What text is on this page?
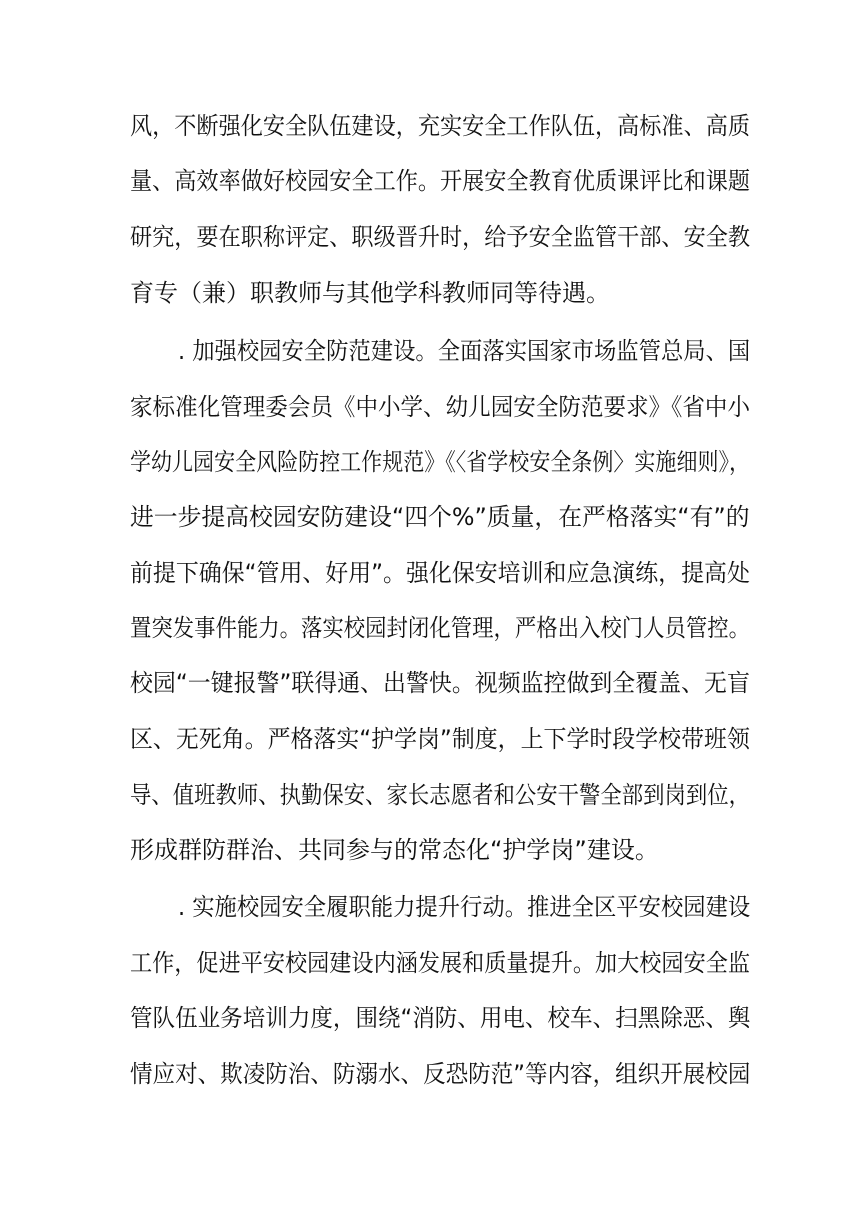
风，不断强化安全队伍建设，充实安全工作队伍，高标准、高质
量、高效率做好校园安全工作。开展安全教育优质课评比和课题
研究，要在职称评定、职级晋升时，给予安全监管干部、安全教
育专（兼）职教师与其他学科教师同等待遇。
. 加强校园安全防范建设。全面落实国家市场监管总局、国
家标准化管理委会员《中小学、幼儿园安全防范要求》《省中小
学幼儿园安全风险防控工作规范》《〈省学校安全条例〉实施细则》，
进一步提高校园安防建设“四个%”质量，在严格落实“有”的
前提下确保“管用、好用”。强化保安培训和应急演练，提高处
置突发事件能力。落实校园封闭化管理，严格出入校门人员管控。
校园“一键报警”联得通、出警快。视频监控做到全覆盖、无盲
区、无死角。严格落实“护学岗”制度，上下学时段学校带班领
导、值班教师、执勤保安、家长志愿者和公安干警全部到岗到位，
形成群防群治、共同参与的常态化“护学岗”建设。
. 实施校园安全履职能力提升行动。推进全区平安校园建设
工作，促进平安校园建设内涵发展和质量提升。加大校园安全监
管队伍业务培训力度，围绕“消防、用电、校车、扫黑除恶、舆
情应对、欺凌防治、防溺水、反恐防范”等内容，组织开展校园
